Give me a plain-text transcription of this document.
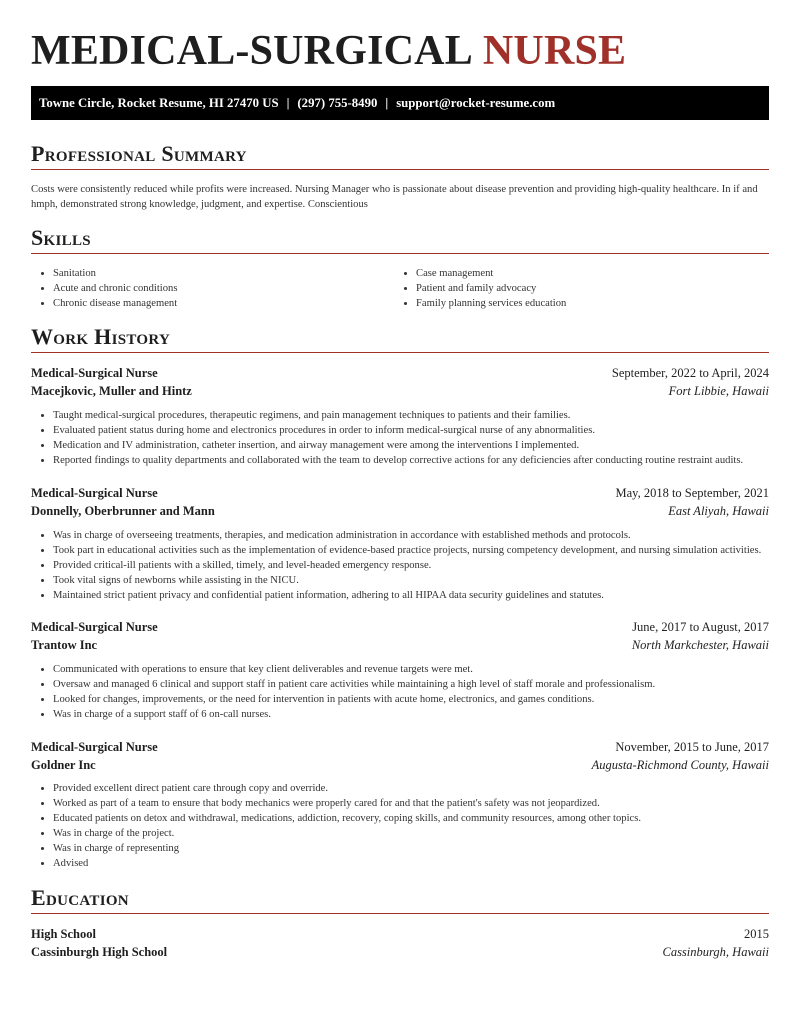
MEDICAL-SURGICAL NURSE
Towne Circle, Rocket Resume, HI 27470 US | (297) 755-8490 | support@rocket-resume.com
Professional Summary
Costs were consistently reduced while profits were increased. Nursing Manager who is passionate about disease prevention and providing high-quality healthcare. In if and hmph, demonstrated strong knowledge, judgment, and expertise. Conscientious
Skills
• Sanitation
• Acute and chronic conditions
• Chronic disease management
• Case management
• Patient and family advocacy
• Family planning services education
Work History
Medical-Surgical Nurse	September, 2022 to April, 2024
Macejkovic, Muller and Hintz	Fort Libbie, Hawaii
• Taught medical-surgical procedures, therapeutic regimens, and pain management techniques to patients and their families.
• Evaluated patient status during home and electronics procedures in order to inform medical-surgical nurse of any abnormalities.
• Medication and IV administration, catheter insertion, and airway management were among the interventions I implemented.
• Reported findings to quality departments and collaborated with the team to develop corrective actions for any deficiencies after conducting routine restraint audits.
Medical-Surgical Nurse	May, 2018 to September, 2021
Donnelly, Oberbrunner and Mann	East Aliyah, Hawaii
• Was in charge of overseeing treatments, therapies, and medication administration in accordance with established methods and protocols.
• Took part in educational activities such as the implementation of evidence-based practice projects, nursing competency development, and nursing simulation activities.
• Provided critical-ill patients with a skilled, timely, and level-headed emergency response.
• Took vital signs of newborns while assisting in the NICU.
• Maintained strict patient privacy and confidential patient information, adhering to all HIPAA data security guidelines and statutes.
Medical-Surgical Nurse	June, 2017 to August, 2017
Trantow Inc	North Markchester, Hawaii
• Communicated with operations to ensure that key client deliverables and revenue targets were met.
• Oversaw and managed 6 clinical and support staff in patient care activities while maintaining a high level of staff morale and professionalism.
• Looked for changes, improvements, or the need for intervention in patients with acute home, electronics, and games conditions.
• Was in charge of a support staff of 6 on-call nurses.
Medical-Surgical Nurse	November, 2015 to June, 2017
Goldner Inc	Augusta-Richmond County, Hawaii
• Provided excellent direct patient care through copy and override.
• Worked as part of a team to ensure that body mechanics were properly cared for and that the patient's safety was not jeopardized.
• Educated patients on detox and withdrawal, medications, addiction, recovery, coping skills, and community resources, among other topics.
• Was in charge of the project.
• Was in charge of representing
• Advised
Education
High School	2015
Cassinburgh High School	Cassinburgh, Hawaii
